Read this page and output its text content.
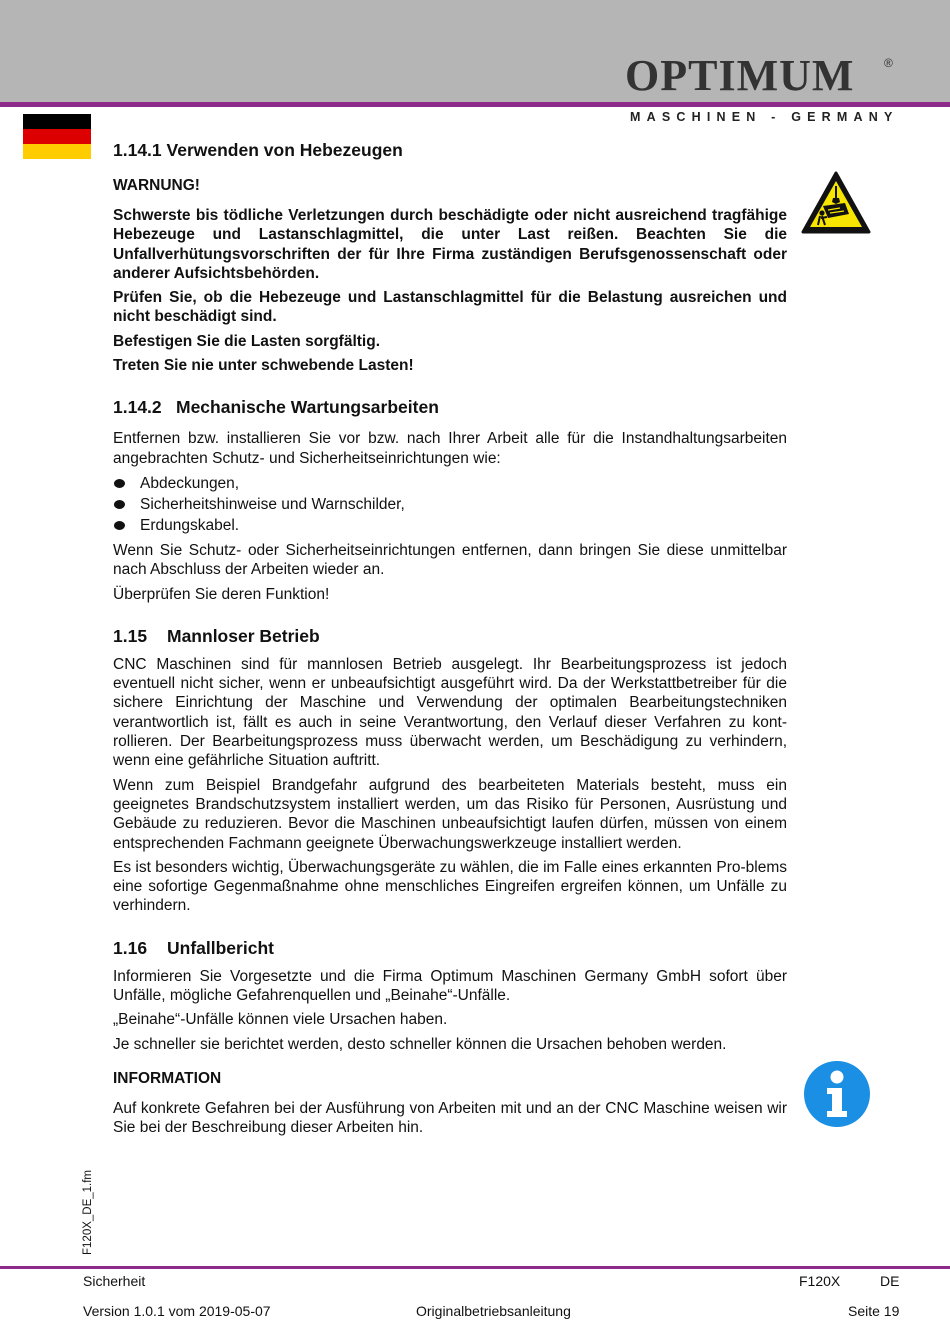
OPTIMUM ®
MASCHINEN - GERMANY
1.14.1 Verwenden von Hebezeugen
WARNUNG!

Schwerste bis tödliche Verletzungen durch beschädigte oder nicht ausreichend tragfähige Hebezeuge und Lastanschlagmittel, die unter Last reißen. Beachten Sie die Unfallverhütungsvorschriften der für Ihre Firma zuständigen Berufsgenossenschaft oder anderer Aufsichtsbehörden.

Prüfen Sie, ob die Hebezeuge und Lastanschlagmittel für die Belastung ausreichen und nicht beschädigt sind.

Befestigen Sie die Lasten sorgfältig.

Treten Sie nie unter schwebende Lasten!

1.14.2 Mechanische Wartungsarbeiten

Entfernen bzw. installieren Sie vor bzw. nach Ihrer Arbeit alle für die Instandhaltungsarbeiten angebrachten Schutz- und Sicherheitseinrichtungen wie:

Abdeckungen,
Sicherheitshinweise und Warnschilder,
Erdungskabel.

Wenn Sie Schutz- oder Sicherheitseinrichtungen entfernen, dann bringen Sie diese unmittelbar nach Abschluss der Arbeiten wieder an.

Überprüfen Sie deren Funktion!

1.15 Mannloser Betrieb

CNC Maschinen sind für mannlosen Betrieb ausgelegt. Ihr Bearbeitungsprozess ist jedoch eventuell nicht sicher, wenn er unbeaufsichtigt ausgeführt wird. Da der Werkstattbetreiber für die sichere Einrichtung der Maschine und Verwendung der optimalen Bearbeitungstechniken verantwortlich ist, fällt es auch in seine Verantwortung, den Verlauf dieser Verfahren zu kont-rollieren. Der Bearbeitungsprozess muss überwacht werden, um Beschädigung zu verhindern, wenn eine gefährliche Situation auftritt.

Wenn zum Beispiel Brandgefahr aufgrund des bearbeiteten Materials besteht, muss ein geeignetes Brandschutzsystem installiert werden, um das Risiko für Personen, Ausrüstung und Gebäude zu reduzieren. Bevor die Maschinen unbeaufsichtigt laufen dürfen, müssen von einem entsprechenden Fachmann geeignete Überwachungswerkzeuge installiert werden.

Es ist besonders wichtig, Überwachungsgeräte zu wählen, die im Falle eines erkannten Pro-blems eine sofortige Gegenmaßnahme ohne menschliches Eingreifen ergreifen können, um Unfälle zu verhindern.

1.16 Unfallbericht

Informieren Sie Vorgesetzte und die Firma Optimum Maschinen Germany GmbH sofort über Unfälle, mögliche Gefahrenquellen und „Beinahe“-Unfälle.

„Beinahe“-Unfälle können viele Ursachen haben.

Je schneller sie berichtet werden, desto schneller können die Ursachen behoben werden.

INFORMATION

Auf konkrete Gefahren bei der Ausführung von Arbeiten mit und an der CNC Maschine weisen wir Sie bei der Beschreibung dieser Arbeiten hin.

F120X_DE_1.fm
Sicherheit	F120X	DE
Version 1.0.1 vom 2019-05-07	Originalbetriebsanleitung	Seite 19
